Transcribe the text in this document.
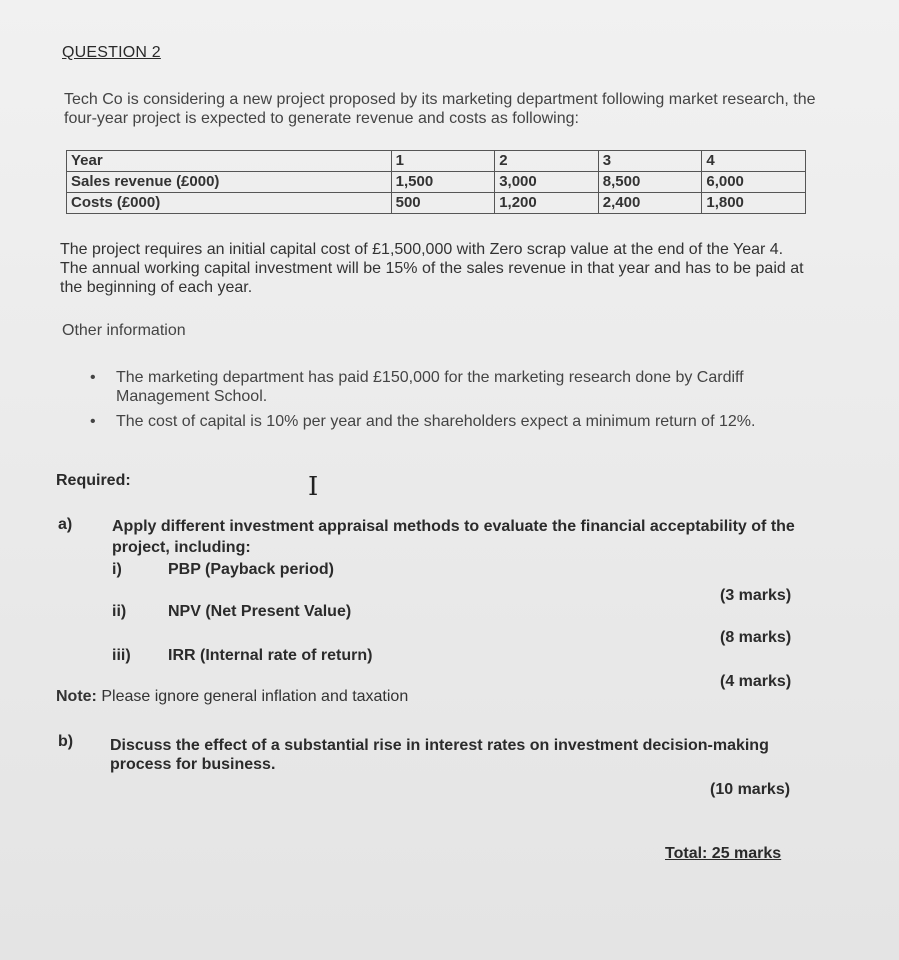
QUESTION 2
Tech Co is considering a new project proposed by its marketing department following market research, the four-year project is expected to generate revenue and costs as following:
Year	1	2	3	4
Sales revenue (£000)	1,500	3,000	8,500	6,000
Costs (£000)	500	1,200	2,400	1,800
The project requires an initial capital cost of £1,500,000 with Zero scrap value at the end of the Year 4. The annual working capital investment will be 15% of the sales revenue in that year and has to be paid at the beginning of each year.
Other information
• The marketing department has paid £150,000 for the marketing research done by Cardiff Management School.
• The cost of capital is 10% per year and the shareholders expect a minimum return of 12%.
Required:	I
a) Apply different investment appraisal methods to evaluate the financial acceptability of the project, including:
i)	PBP (Payback period)
(3 marks)
ii)	NPV (Net Present Value)
(8 marks)
iii) IRR (Internal rate of return)
(4 marks)
Note: Please ignore general inflation and taxation
b) Discuss the effect of a substantial rise in interest rates on investment decision-making process for business.
(10 marks)
Total: 25 marks
